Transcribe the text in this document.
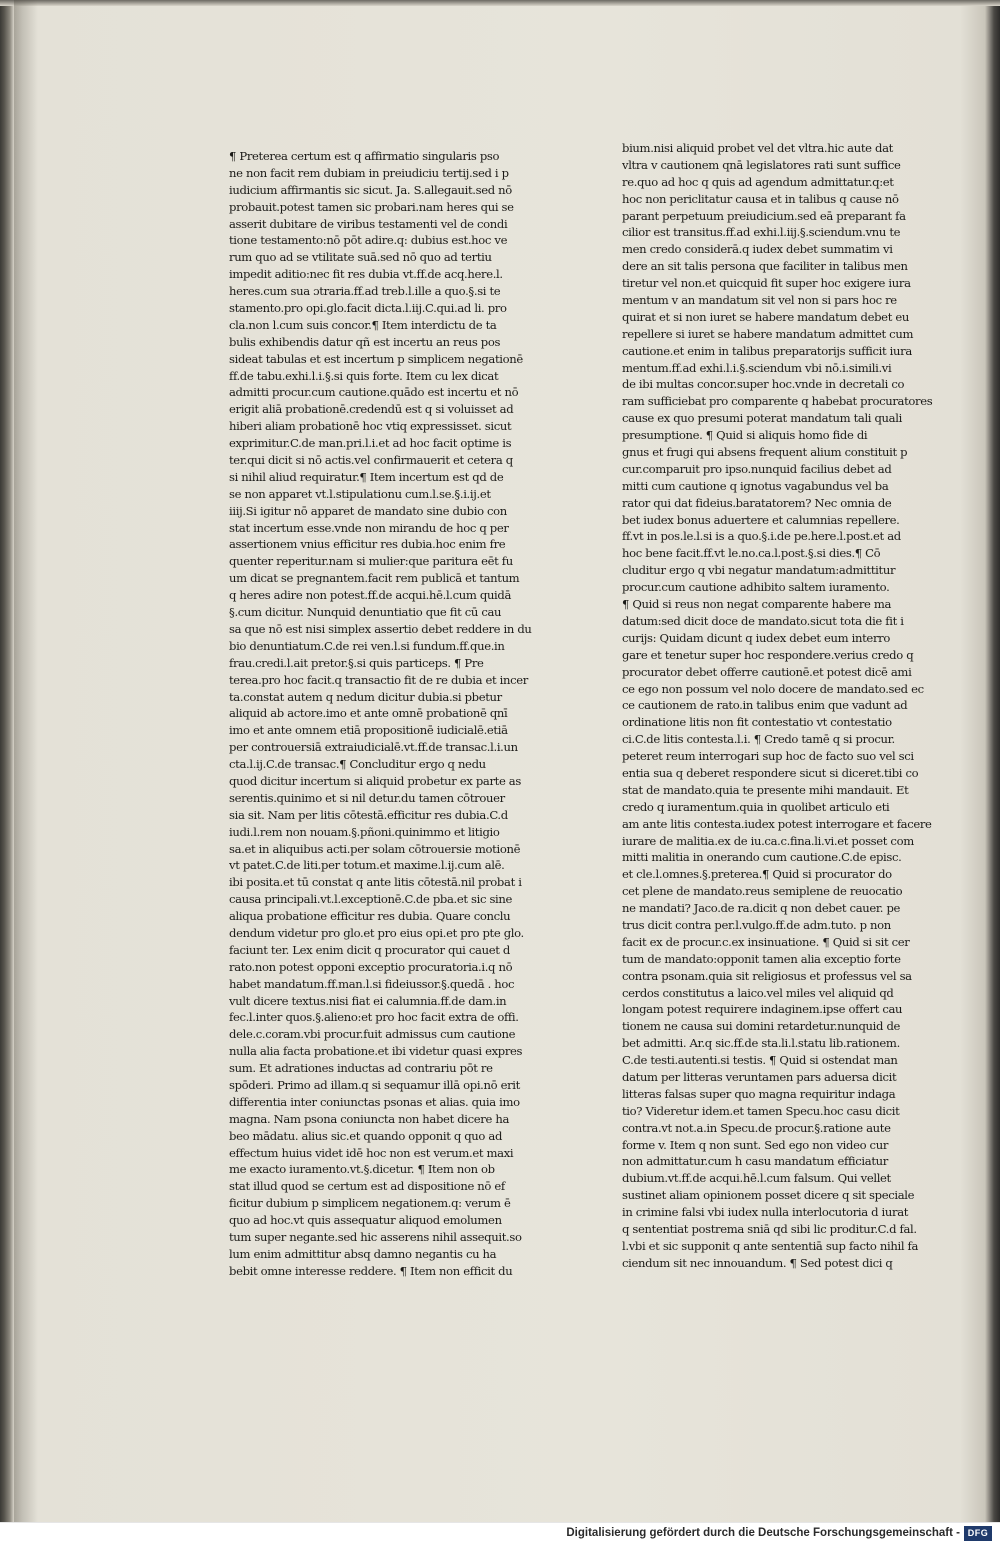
¶ Preterea certum est q affirmatio singularis pso
ne non facit rem dubiam in preiudiciu tertij.sed i p
iudicium affirmantis sic sicut. Ja. S.allegauit.sed nō
probauit.potest tamen sic probari.nam heres qui se
asserit dubitare de viribus testamenti vel de condi
tione testamento:nō pōt adire.q: dubius est.hoc ve
rum quo ad se vtilitate suā.sed nō quo ad tertiu
impedit aditio:nec fit res dubia vt.ff.de acq.here.l.
heres.cum sua ɔtraria.ff.ad treb.l.ille a quo.§.si te
stamento.pro opi.glo.facit dicta.l.iij.C.qui.ad li. pro
cla.non l.cum suis concor.¶ Item interdictu de ta
bulis exhibendis datur qñ est incertu an reus pos
sideat tabulas et est incertum p simplicem negationē
ff.de tabu.exhi.l.i.§.si quis forte. Item cu lex dicat
admitti procur.cum cautione.quādo est incertu et nō
erigit aliā probationē.credendū est q si voluisset ad
hiberi aliam probationē hoc vtiq expressisset. sicut
exprimitur.C.de man.pri.l.i.et ad hoc facit optime is
ter.qui dicit si nō actis.vel confirmauerit et cetera q
si nihil aliud requiratur.¶ Item incertum est qd de
se non apparet vt.l.stipulationu cum.l.se.§.i.ij.et
iiij.Si igitur nō apparet de mandato sine dubio con
stat incertum esse.vnde non mirandu de hoc q per
assertionem vnius efficitur res dubia.hoc enim fre
quenter reperitur.nam si mulier:que paritura eēt fu
um dicat se pregnantem.facit rem publicā et tantum
q heres adire non potest.ff.de acqui.hē.l.cum quidā
§.cum dicitur. Nunquid denuntiatio que fit cū cau
sa que nō est nisi simplex assertio debet reddere in du
bio denuntiatum.C.de rei ven.l.si fundum.ff.que.in
frau.credi.l.ait pretor.§.si quis particeps. ¶ Pre
terea.pro hoc facit.q transactio fit de re dubia et incer
ta.constat autem q nedum dicitur dubia.si pbetur
aliquid ab actore.imo et ante omnē probationē qnī
imo et ante omnem etiā propositionē iudicialē.etiā
per controuersiā extraiudicialē.vt.ff.de transac.l.i.un
cta.l.ij.C.de transac.¶ Concluditur ergo q nedu
quod dicitur incertum si aliquid probetur ex parte as
serentis.quinimo et si nil detur.du tamen cōtrouer
sia sit. Nam per litis cōtestā.efficitur res dubia.C.d
iudi.l.rem non nouam.§.pñoni.quinimmo et litigio
sa.et in aliquibus acti.per solam cōtrouersie motionē
vt patet.C.de liti.per totum.et maxime.l.ij.cum alē.
ibi posita.et tū constat q ante litis cōtestā.nil probat i
causa principali.vt.l.exceptionē.C.de pba.et sic sine
aliqua probatione efficitur res dubia. Quare conclu
dendum videtur pro glo.et pro eius opi.et pro pte glo.
faciunt ter. Lex enim dicit q procurator qui cauet d
rato.non potest opponi exceptio procuratoria.i.q nō
habet mandatum.ff.man.l.si fideiussor.§.quedā . hoc
vult dicere textus.nisi fiat ei calumnia.ff.de dam.in
fec.l.inter quos.§.alieno:et pro hoc facit extra de offi.
dele.c.coram.vbi procur.fuit admissus cum cautione
nulla alia facta probatione.et ibi videtur quasi expres
sum. Et adrationes inductas ad contrariu pōt re
spōderi. Primo ad illam.q si sequamur illā opi.nō erit
differentia inter coniunctas psonas et alias. quia imo
magna. Nam psona coniuncta non habet dicere ha
beo mādatu. alius sic.et quando opponit q quo ad
effectum huius videt idē hoc non est verum.et maxi
me exacto iuramento.vt.§.dicetur. ¶ Item non ob
stat illud quod se certum est ad dispositione nō ef
ficitur dubium p simplicem negationem.q: verum ē
quo ad hoc.vt quis assequatur aliquod emolumen
tum super negante.sed hic asserens nihil assequit.so
lum enim admittitur absq damno negantis cu ha
bebit omne interesse reddere. ¶ Item non efficit du
bium.nisi aliquid probet vel det vltra.hic aute dat
vltra v cautionem qnā legislatores rati sunt suffice
re.quo ad hoc q quis ad agendum admittatur.q:et
hoc non periclitatur causa et in talibus q cause nō
parant perpetuum preiudicium.sed eā preparant fa
cilior est transitus.ff.ad exhi.l.iij.§.sciendum.vnu te
men credo considerā.q iudex debet summatim vi
dere an sit talis persona que faciliter in talibus men
tiretur vel non.et quicquid fit super hoc exigere iura
mentum v an mandatum sit vel non si pars hoc re
quirat et si non iuret se habere mandatum debet eu
repellere si iuret se habere mandatum admittet cum
cautione.et enim in talibus preparatorijs sufficit iura
mentum.ff.ad exhi.l.i.§.sciendum vbi nō.i.simili.vi
de ibi multas concor.super hoc.vnde in decretali co
ram sufficiebat pro comparente q habebat procuratores
cause ex quo presumi poterat mandatum tali quali
presumptione. ¶ Quid si aliquis homo fide di
gnus et frugi qui absens frequent alium constituit p
cur.comparuit pro ipso.nunquid facilius debet ad
mitti cum cautione q ignotus vagabundus vel ba
rator qui dat fideius.baratatorem? Nec omnia de
bet iudex bonus aduertere et calumnias repellere.
ff.vt in pos.le.l.si is a quo.§.i.de pe.here.l.post.et ad
hoc bene facit.ff.vt le.no.ca.l.post.§.si dies.¶ Cō
cluditur ergo q vbi negatur mandatum:admittitur
procur.cum cautione adhibito saltem iuramento.
¶ Quid si reus non negat comparente habere ma
datum:sed dicit doce de mandato.sicut tota die fit i
curijs: Quidam dicunt q iudex debet eum interro
gare et tenetur super hoc respondere.verius credo q
procurator debet offerre cautionē.et potest dicē ami
ce ego non possum vel nolo docere de mandato.sed ec
ce cautionem de rato.in talibus enim que vadunt ad
ordinatione litis non fit contestatio vt contestatio
ci.C.de litis contesta.l.i. ¶ Credo tamē q si procur.
peteret reum interrogari sup hoc de facto suo vel sci
entia sua q deberet respondere sicut si diceret.tibi co
stat de mandato.quia te presente mihi mandauit. Et
credo q iuramentum.quia in quolibet articulo eti
am ante litis contesta.iudex potest interrogare et facere
iurare de malitia.ex de iu.ca.c.fina.li.vi.et posset com
mitti malitia in onerando cum cautione.C.de episc.
et cle.l.omnes.§.preterea.¶ Quid si procurator do
cet plene de mandato.reus semiplene de reuocatio
ne mandati? Jaco.de ra.dicit q non debet cauer. pe
trus dicit contra per.l.vulgo.ff.de adm.tuto. p non
facit ex de procur.c.ex insinuatione. ¶ Quid si sit cer
tum de mandato:opponit tamen alia exceptio forte
contra psonam.quia sit religiosus et professus vel sa
cerdos constitutus a laico.vel miles vel aliquid qd
longam potest requirere indaginem.ipse offert cau
tionem ne causa sui domini retardetur.nunquid de
bet admitti. Ar.q sic.ff.de sta.li.l.statu lib.rationem.
C.de testi.autenti.si testis. ¶ Quid si ostendat man
datum per litteras veruntamen pars aduersa dicit
litteras falsas super quo magna requiritur indaga
tio? Videretur idem.et tamen Specu.hoc casu dicit
contra.vt not.a.in Specu.de procur.§.ratione aute
forme v. Item q non sunt. Sed ego non video cur
non admittatur.cum h casu mandatum efficiatur
dubium.vt.ff.de acqui.hē.l.cum falsum. Qui vellet
sustinet aliam opinionem posset dicere q sit speciale
in crimine falsi vbi iudex nulla interlocutoria d iurat
q sententiat postrema sniā qd sibi lic proditur.C.d fal.
l.vbi et sic supponit q ante sententiā sup facto nihil fa
ciendum sit nec innouandum. ¶ Sed potest dici q
Digitalisierung gefördert durch die Deutsche Forschungsgemeinschaft - DFG
